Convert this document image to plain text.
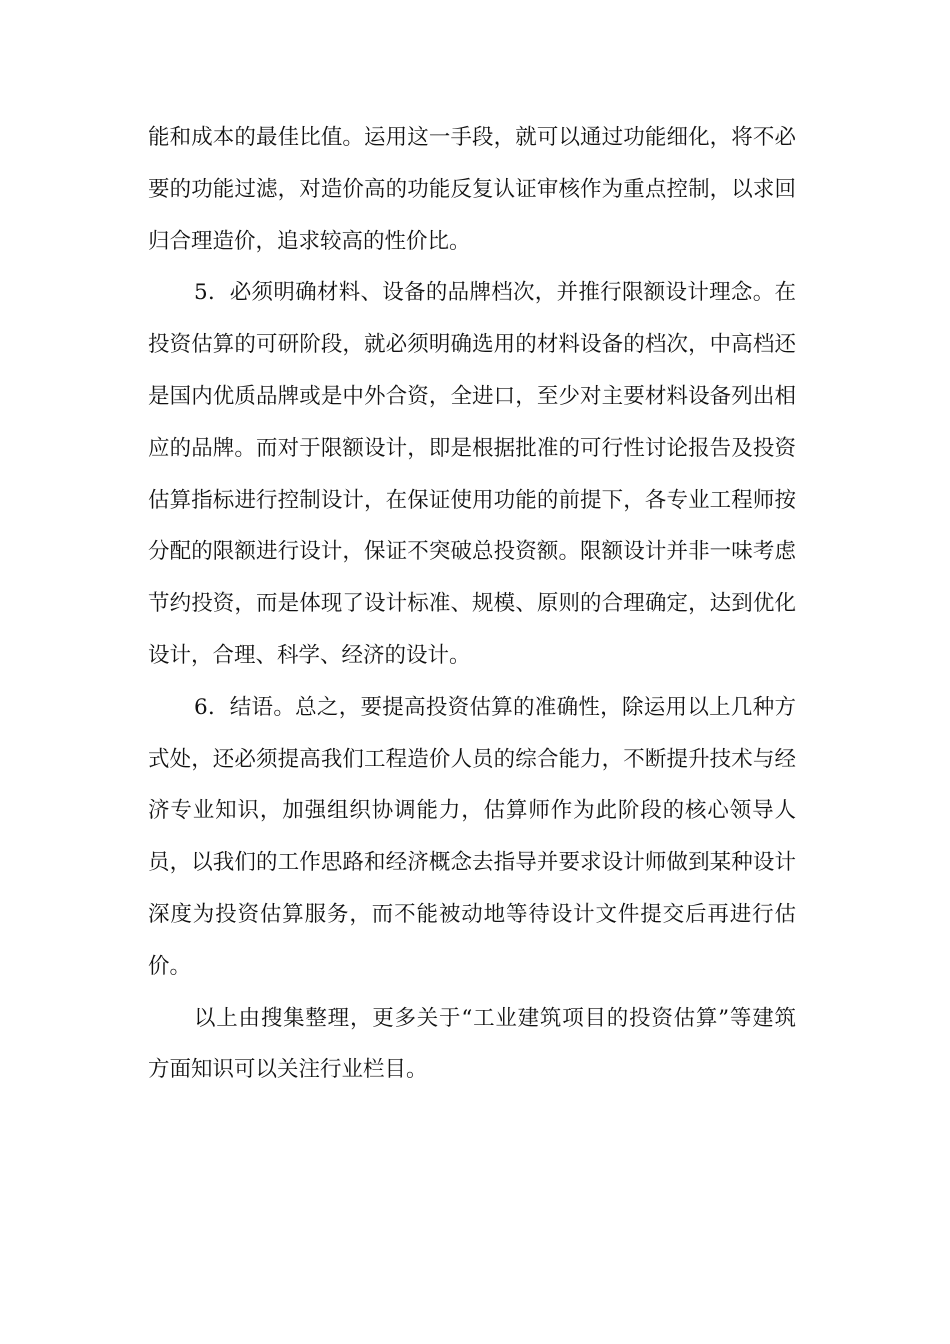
能和成本的最佳比值。运用这一手段，就可以通过功能细化，将不必要的功能过滤，对造价高的功能反复认证审核作为重点控制，以求回归合理造价，追求较高的性价比。

5．必须明确材料、设备的品牌档次，并推行限额设计理念。在投资估算的可研阶段，就必须明确选用的材料设备的档次，中高档还是国内优质品牌或是中外合资，全进口，至少对主要材料设备列出相应的品牌。而对于限额设计，即是根据批准的可行性讨论报告及投资估算指标进行控制设计，在保证使用功能的前提下，各专业工程师按分配的限额进行设计，保证不突破总投资额。限额设计并非一味考虑节约投资，而是体现了设计标准、规模、原则的合理确定，达到优化设计，合理、科学、经济的设计。

6．结语。总之，要提高投资估算的准确性，除运用以上几种方式处，还必须提高我们工程造价人员的综合能力，不断提升技术与经济专业知识，加强组织协调能力，估算师作为此阶段的核心领导人员，以我们的工作思路和经济概念去指导并要求设计师做到某种设计深度为投资估算服务，而不能被动地等待设计文件提交后再进行估价。

以上由搜集整理，更多关于“工业建筑项目的投资估算”等建筑方面知识可以关注行业栏目。
